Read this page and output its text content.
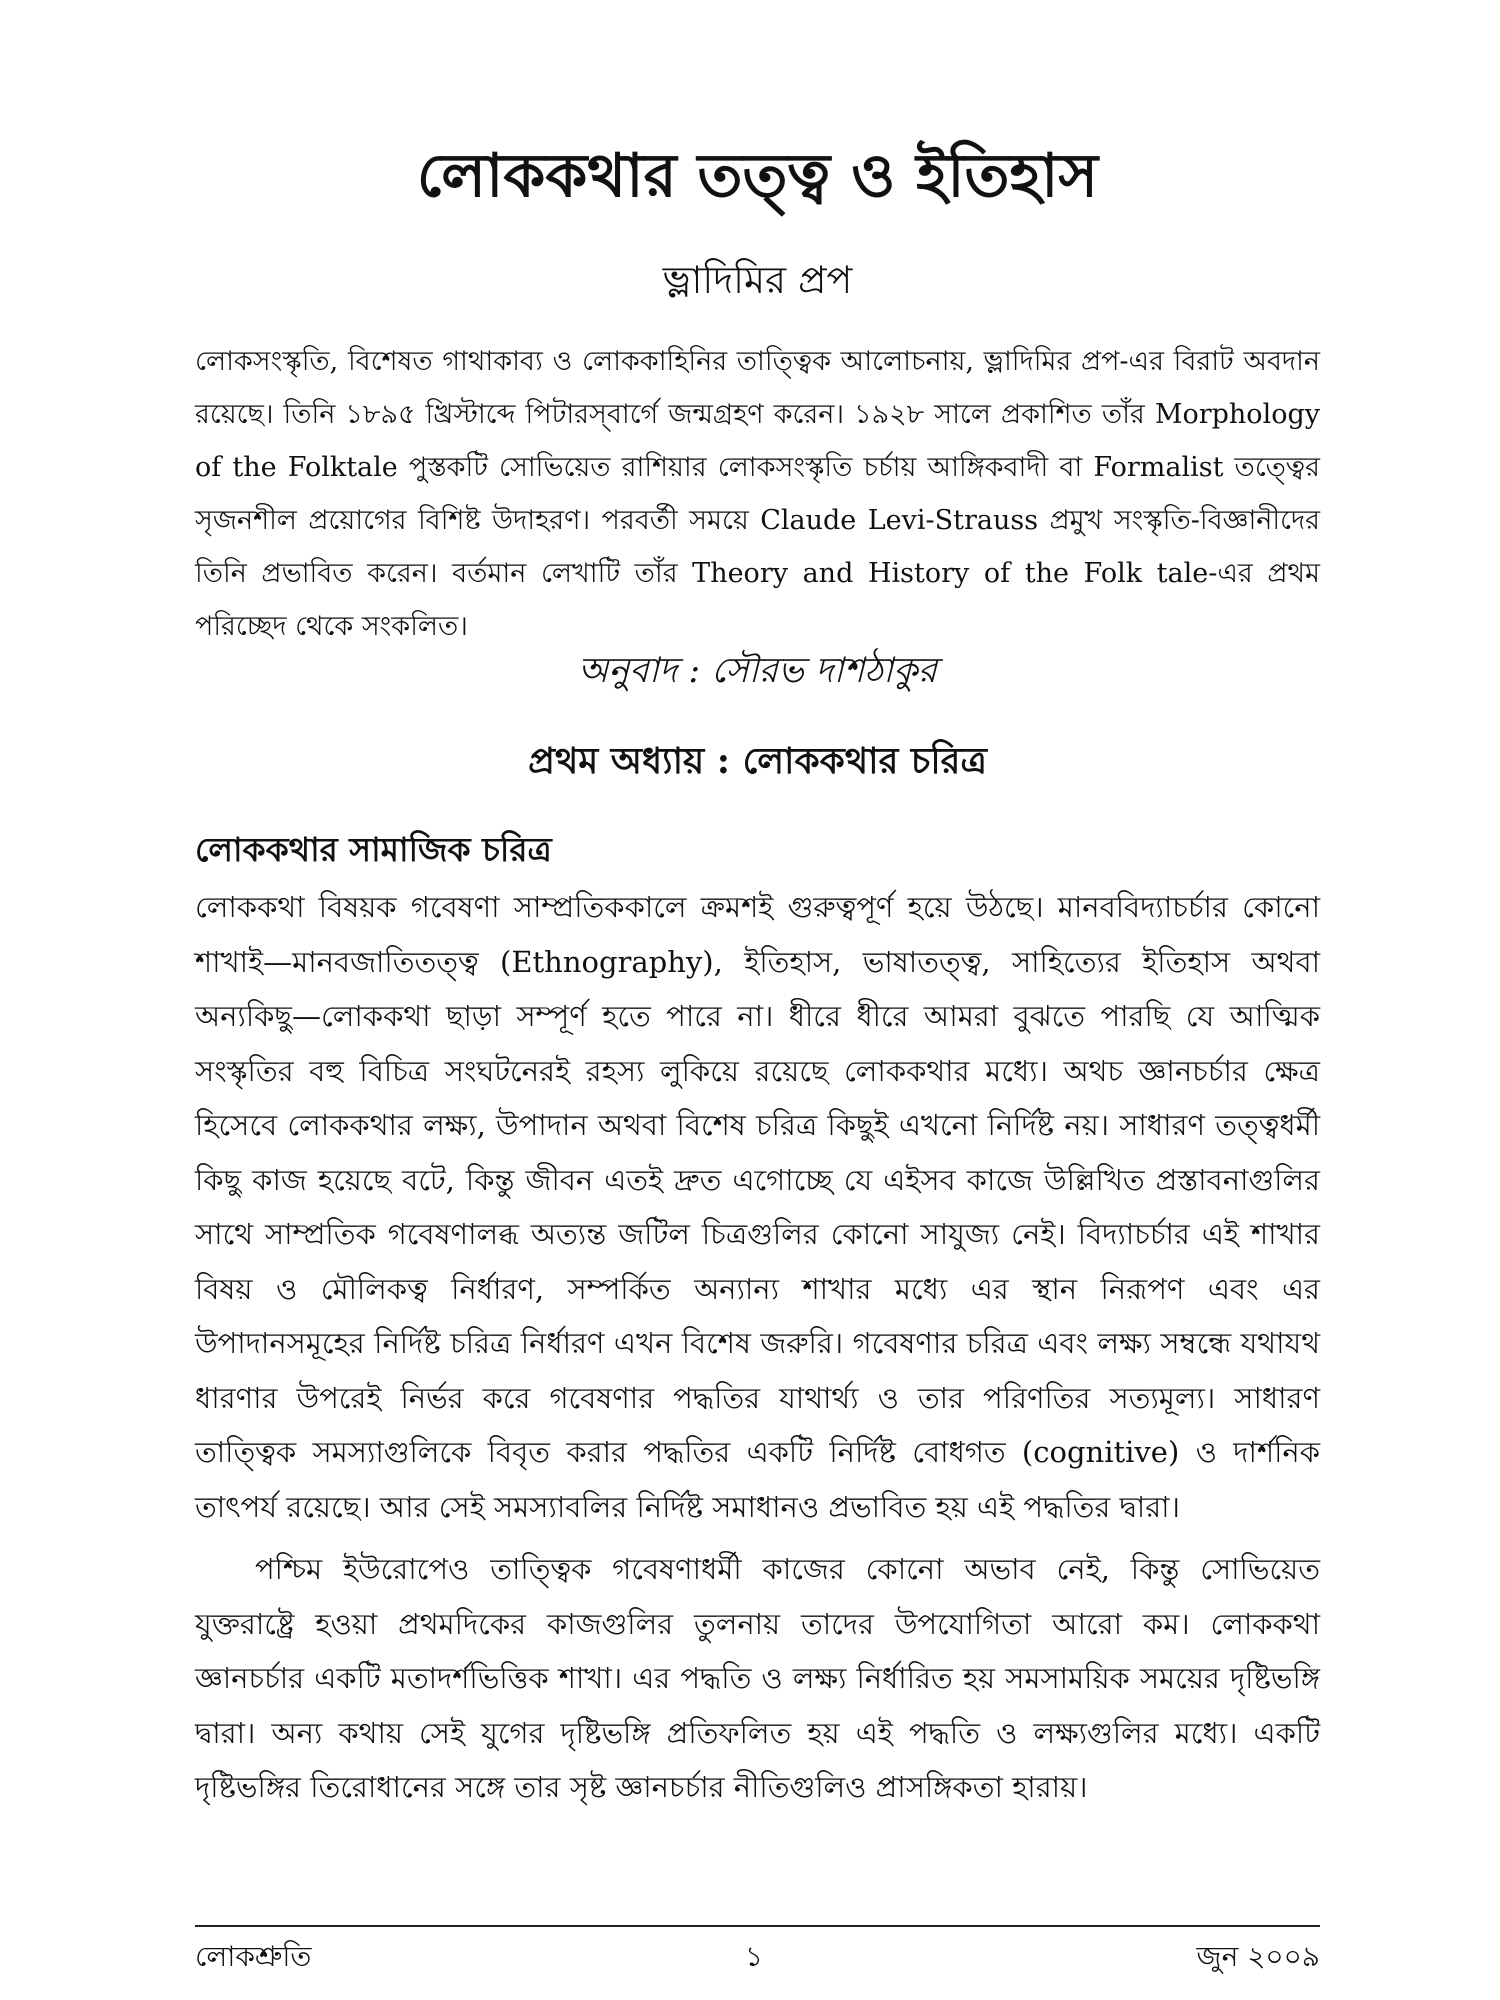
লোককথার তত্ত্ব ও ইতিহাস
ভ্লাদিমির প্রপ

লোকসংস্কৃতি, বিশেষত গাথাকাব্য ও লোককাহিনির তাত্ত্বিক আলোচনায়, ভ্লাদিমির প্রপ-এর বিরাট অবদান রয়েছে। তিনি ১৮৯৫ খ্রিস্টাব্দে পিটারস্‌বার্গে জন্মগ্রহণ করেন। ১৯২৮ সালে প্রকাশিত তাঁর Morphology of the Folktale পুস্তকটি সোভিয়েত রাশিয়ার লোকসংস্কৃতি চর্চায় আঙ্গিকবাদী বা Formalist তত্ত্বের সৃজনশীল প্রয়োগের বিশিষ্ট উদাহরণ। পরবর্তী সময়ে Claude Levi-Strauss প্রমুখ সংস্কৃতি-বিজ্ঞানীদের তিনি প্রভাবিত করেন। বর্তমান লেখাটি তাঁর Theory and History of the Folk tale-এর প্রথম পরিচ্ছেদ থেকে সংকলিত।

অনুবাদ : সৌরভ দাশঠাকুর
প্রথম অধ্যায় : লোককথার চরিত্র
লোককথার সামাজিক চরিত্র

লোককথা বিষয়ক গবেষণা সাম্প্রতিককালে ক্রমশই গুরুত্বপূর্ণ হয়ে উঠছে। মানববিদ্যাচর্চার কোনো শাখাই—মানবজাতিতত্ত্ব (Ethnography), ইতিহাস, ভাষাতত্ত্ব, সাহিত্যের ইতিহাস অথবা অন্যকিছু—লোককথা ছাড়া সম্পূর্ণ হতে পারে না। ধীরে ধীরে আমরা বুঝতে পারছি যে আত্মিক সংস্কৃতির বহু বিচিত্র সংঘটনেরই রহস্য লুকিয়ে রয়েছে লোককথার মধ্যে। অথচ জ্ঞানচর্চার ক্ষেত্র হিসেবে লোককথার লক্ষ্য, উপাদান অথবা বিশেষ চরিত্র কিছুই এখনো নির্দিষ্ট নয়। সাধারণ তত্ত্বধর্মী কিছু কাজ হয়েছে বটে, কিন্তু জীবন এতই দ্রুত এগোচ্ছে যে এইসব কাজে উল্লিখিত প্রস্তাবনাগুলির সাথে সাম্প্রতিক গবেষণালব্ধ অত্যন্ত জটিল চিত্রগুলির কোনো সাযুজ্য নেই। বিদ্যাচর্চার এই শাখার বিষয় ও মৌলিকত্ব নির্ধারণ, সম্পর্কিত অন্যান্য শাখার মধ্যে এর স্থান নিরূপণ এবং এর উপাদানসমূহের নির্দিষ্ট চরিত্র নির্ধারণ এখন বিশেষ জরুরি। গবেষণার চরিত্র এবং লক্ষ্য সম্বন্ধে যথাযথ ধারণার উপরেই নির্ভর করে গবেষণার পদ্ধতির যাথার্থ্য ও তার পরিণতির সত্যমূল্য। সাধারণ তাত্ত্বিক সমস্যাগুলিকে বিবৃত করার পদ্ধতির একটি নির্দিষ্ট বোধগত (cognitive) ও দার্শনিক তাৎপর্য রয়েছে। আর সেই সমস্যাবলির নির্দিষ্ট সমাধানও প্রভাবিত হয় এই পদ্ধতির দ্বারা।

পশ্চিম ইউরোপেও তাত্ত্বিক গবেষণাধর্মী কাজের কোনো অভাব নেই, কিন্তু সোভিয়েত যুক্তরাষ্ট্রে হওয়া প্রথমদিকের কাজগুলির তুলনায় তাদের উপযোগিতা আরো কম। লোককথা জ্ঞানচর্চার একটি মতাদর্শভিত্তিক শাখা। এর পদ্ধতি ও লক্ষ্য নির্ধারিত হয় সমসাময়িক সময়ের দৃষ্টিভঙ্গি দ্বারা। অন্য কথায় সেই যুগের দৃষ্টিভঙ্গি প্রতিফলিত হয় এই পদ্ধতি ও লক্ষ্যগুলির মধ্যে। একটি দৃষ্টিভঙ্গির তিরোধানের সঙ্গে তার সৃষ্ট জ্ঞানচর্চার নীতিগুলিও প্রাসঙ্গিকতা হারায়।

লোকশ্রুতি	১	জুন ২০০৯
